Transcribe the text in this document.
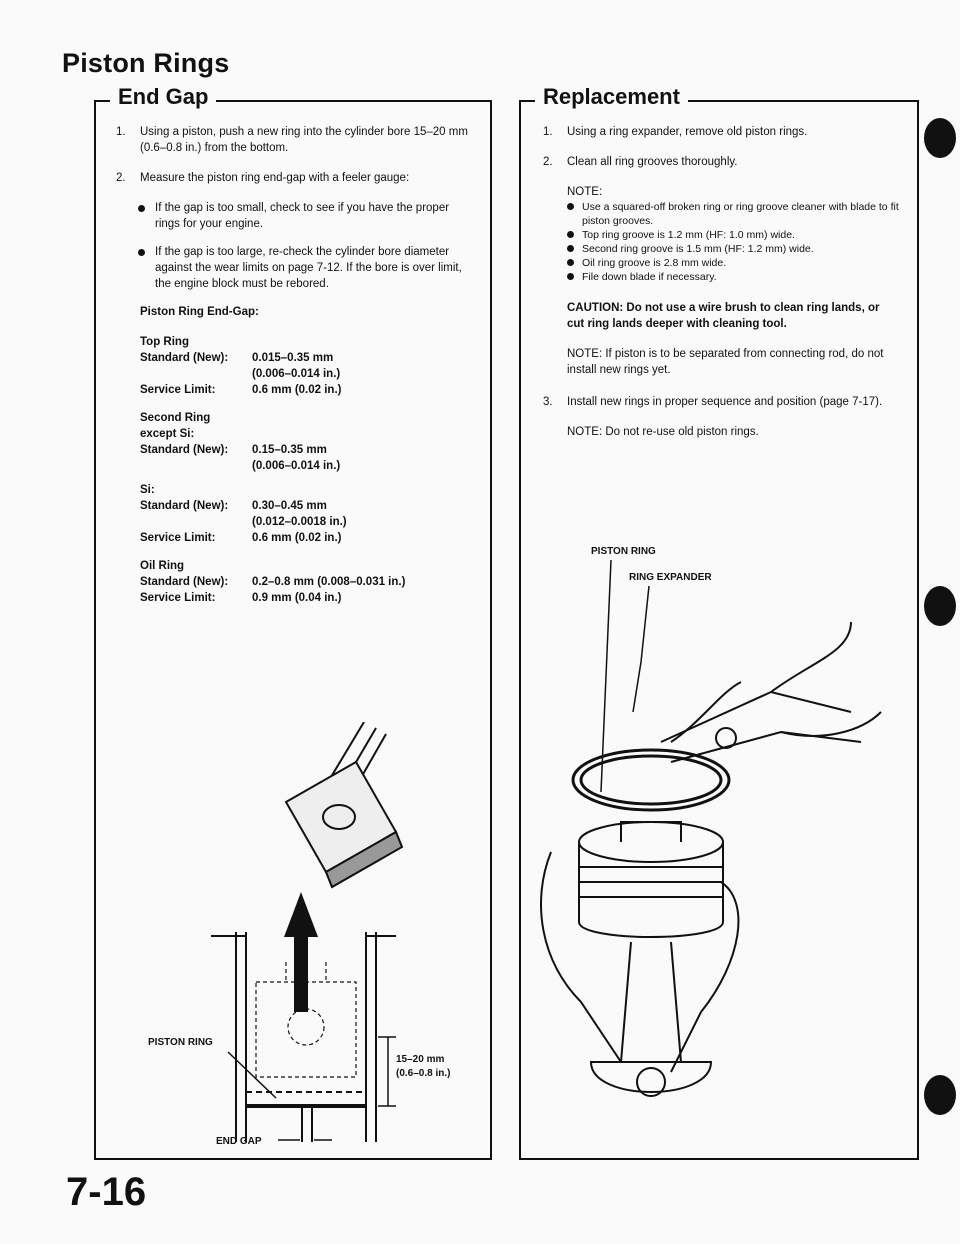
Piston Rings
End Gap
1.	Using a piston, push a new ring into the cylinder bore 15–20 mm (0.6–0.8 in.) from the bottom.
2.	Measure the piston ring end-gap with a feeler gauge:
If the gap is too small, check to see if you have the proper rings for your engine.
If the gap is too large, re-check the cylinder bore diameter against the wear limits on page 7-12. If the bore is over limit, the engine block must be rebored.
Piston Ring End-Gap:
Top Ring
Standard (New):	0.015–0.35 mm
(0.006–0.014 in.)
Service Limit:	0.6 mm (0.02 in.)
Second Ring
except Si:
Standard (New):	0.15–0.35 mm
(0.006–0.014 in.)
Si:
Standard (New):	0.30–0.45 mm
(0.012–0.0018 in.)
Service Limit:	0.6 mm (0.02 in.)
Oil Ring
Standard (New):	0.2–0.8 mm (0.008–0.031 in.)
Service Limit:	0.9 mm (0.04 in.)
PISTON RING
15–20 mm
(0.6–0.8 in.)
END GAP
Replacement
1.	Using a ring expander, remove old piston rings.
2.	Clean all ring grooves thoroughly.
NOTE:
Use a squared-off broken ring or ring groove cleaner with blade to fit piston grooves.
Top ring groove is 1.2 mm (HF: 1.0 mm) wide.
Second ring groove is 1.5 mm (HF: 1.2 mm) wide.
Oil ring groove is 2.8 mm wide.
File down blade if necessary.
CAUTION: Do not use a wire brush to clean ring lands, or cut ring lands deeper with cleaning tool.
NOTE: If piston is to be separated from connecting rod, do not install new rings yet.
3.	Install new rings in proper sequence and position (page 7-17).
NOTE: Do not re-use old piston rings.
PISTON RING
RING EXPANDER
7-16
